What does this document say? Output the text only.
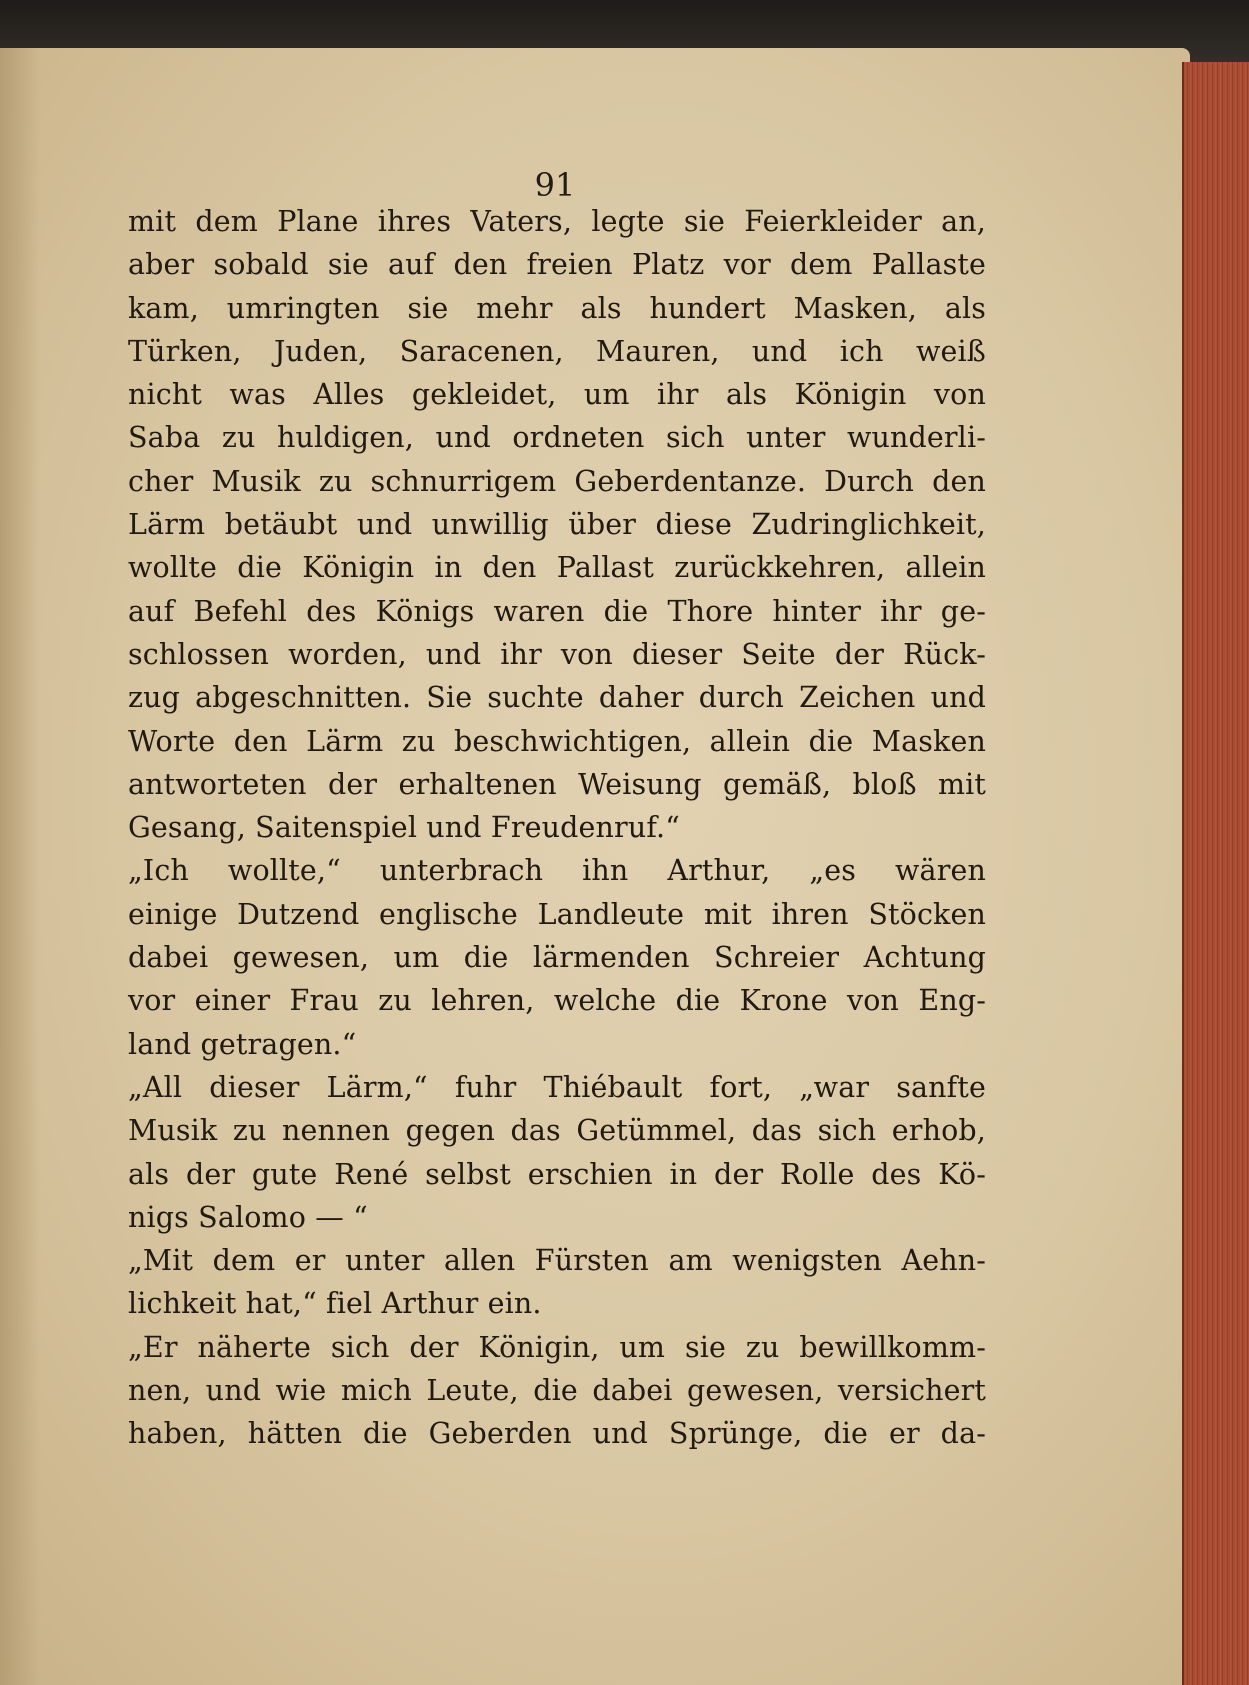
91
mit dem Plane ihres Vaters, legte sie Feierkleider an,
aber sobald sie auf den freien Platz vor dem Pallaste
kam, umringten sie mehr als hundert Masken, als
Türken, Juden, Saracenen, Mauren, und ich weiß
nicht was Alles gekleidet, um ihr als Königin von
Saba zu huldigen, und ordneten sich unter wunderli-
cher Musik zu schnurrigem Geberdentanze. Durch den
Lärm betäubt und unwillig über diese Zudringlichkeit,
wollte die Königin in den Pallast zurückkehren, allein
auf Befehl des Königs waren die Thore hinter ihr ge-
schlossen worden, und ihr von dieser Seite der Rück-
zug abgeschnitten. Sie suchte daher durch Zeichen und
Worte den Lärm zu beschwichtigen, allein die Masken
antworteten der erhaltenen Weisung gemäß, bloß mit
Gesang, Saitenspiel und Freudenruf.“
„Ich wollte,“ unterbrach ihn Arthur, „es wären
einige Dutzend englische Landleute mit ihren Stöcken
dabei gewesen, um die lärmenden Schreier Achtung
vor einer Frau zu lehren, welche die Krone von Eng-
land getragen.“
„All dieser Lärm,“ fuhr Thiébault fort, „war sanfte
Musik zu nennen gegen das Getümmel, das sich erhob,
als der gute René selbst erschien in der Rolle des Kö-
nigs Salomo — “
„Mit dem er unter allen Fürsten am wenigsten Aehn-
lichkeit hat,“ fiel Arthur ein.
„Er näherte sich der Königin, um sie zu bewillkomm-
nen, und wie mich Leute, die dabei gewesen, versichert
haben, hätten die Geberden und Sprünge, die er da-
